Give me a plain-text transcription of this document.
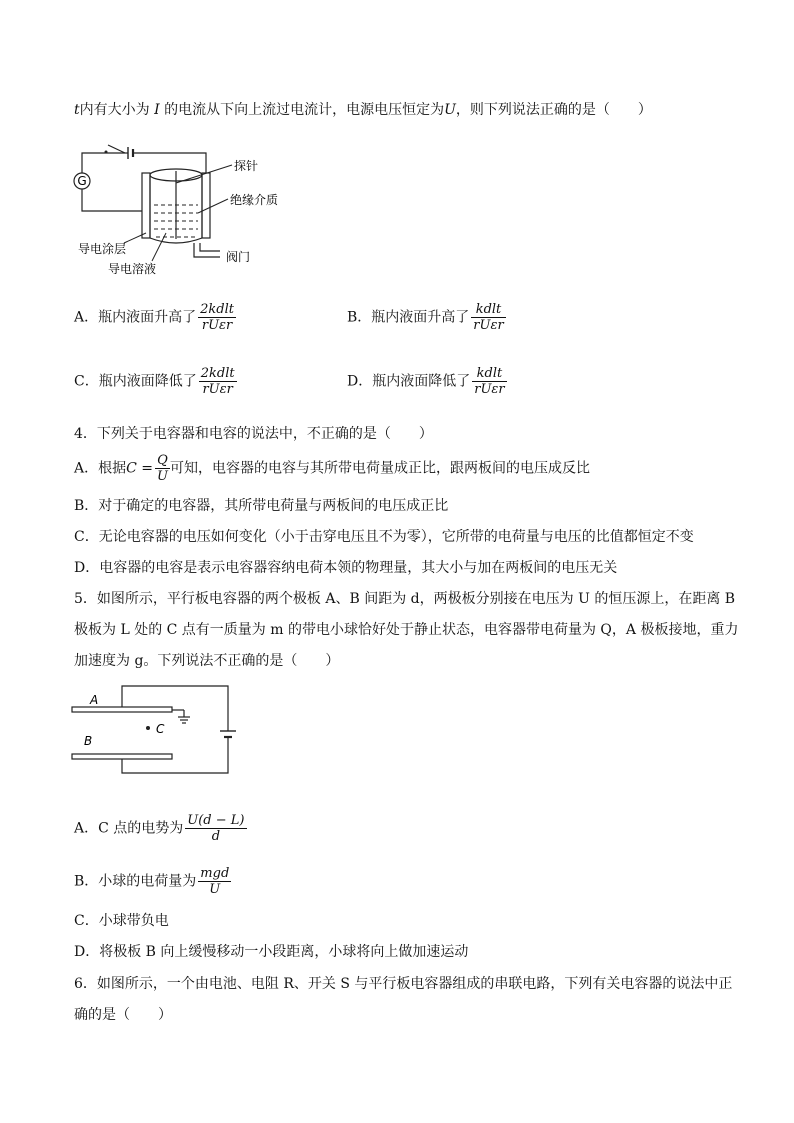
t内有大小为 I 的电流从下向上流过电流计，电源电压恒定为U，则下列说法正确的是（　　）
G
探针
绝缘介质
导电涂层
导电溶液
阀门
A．瓶内液面升高了 $\frac{\text{2kdlt}}{\text{rUεr}}$	B．瓶内液面升高了 $\frac{\text{kdlt}}{\text{rUεr}}$
C．瓶内液面降低了 $\frac{\text{2kdlt}}{\text{rUεr}}$	D．瓶内液面降低了 $\frac{\text{kdlt}}{\text{rUεr}}$
4．下列关于电容器和电容的说法中，不正确的是（　　）
A．根据$C = \frac{Q}{U}$ 可知，电容器的电容与其所带电荷量成正比，跟两板间的电压成反比
B．对于确定的电容器，其所带电荷量与两板间的电压成正比
C．无论电容器的电压如何变化（小于击穿电压且不为零），它所带的电荷量与电压的比值都恒定不变
D．电容器的电容是表示电容器容纳电荷本领的物理量，其大小与加在两板间的电压无关
5．如图所示，平行板电容器的两个极板 A、B 间距为 d，两极板分别接在电压为 U 的恒压源上，在距离 B
极板为 L 处的 C 点有一质量为 m 的带电小球恰好处于静止状态，电容器带电荷量为 Q，A 极板接地，重力
加速度为 g。下列说法不正确的是（　　）
A
C
B
A．C 点的电势为 $\frac{U(d - L)}{d}$
B．小球的电荷量为 $\frac{\text{mgd}}{U}$
C．小球带负电
D．将极板 B 向上缓慢移动一小段距离，小球将向上做加速运动
6．如图所示，一个由电池、电阻 R、开关 S 与平行板电容器组成的串联电路，下列有关电容器的说法中正
确的是（　　）
